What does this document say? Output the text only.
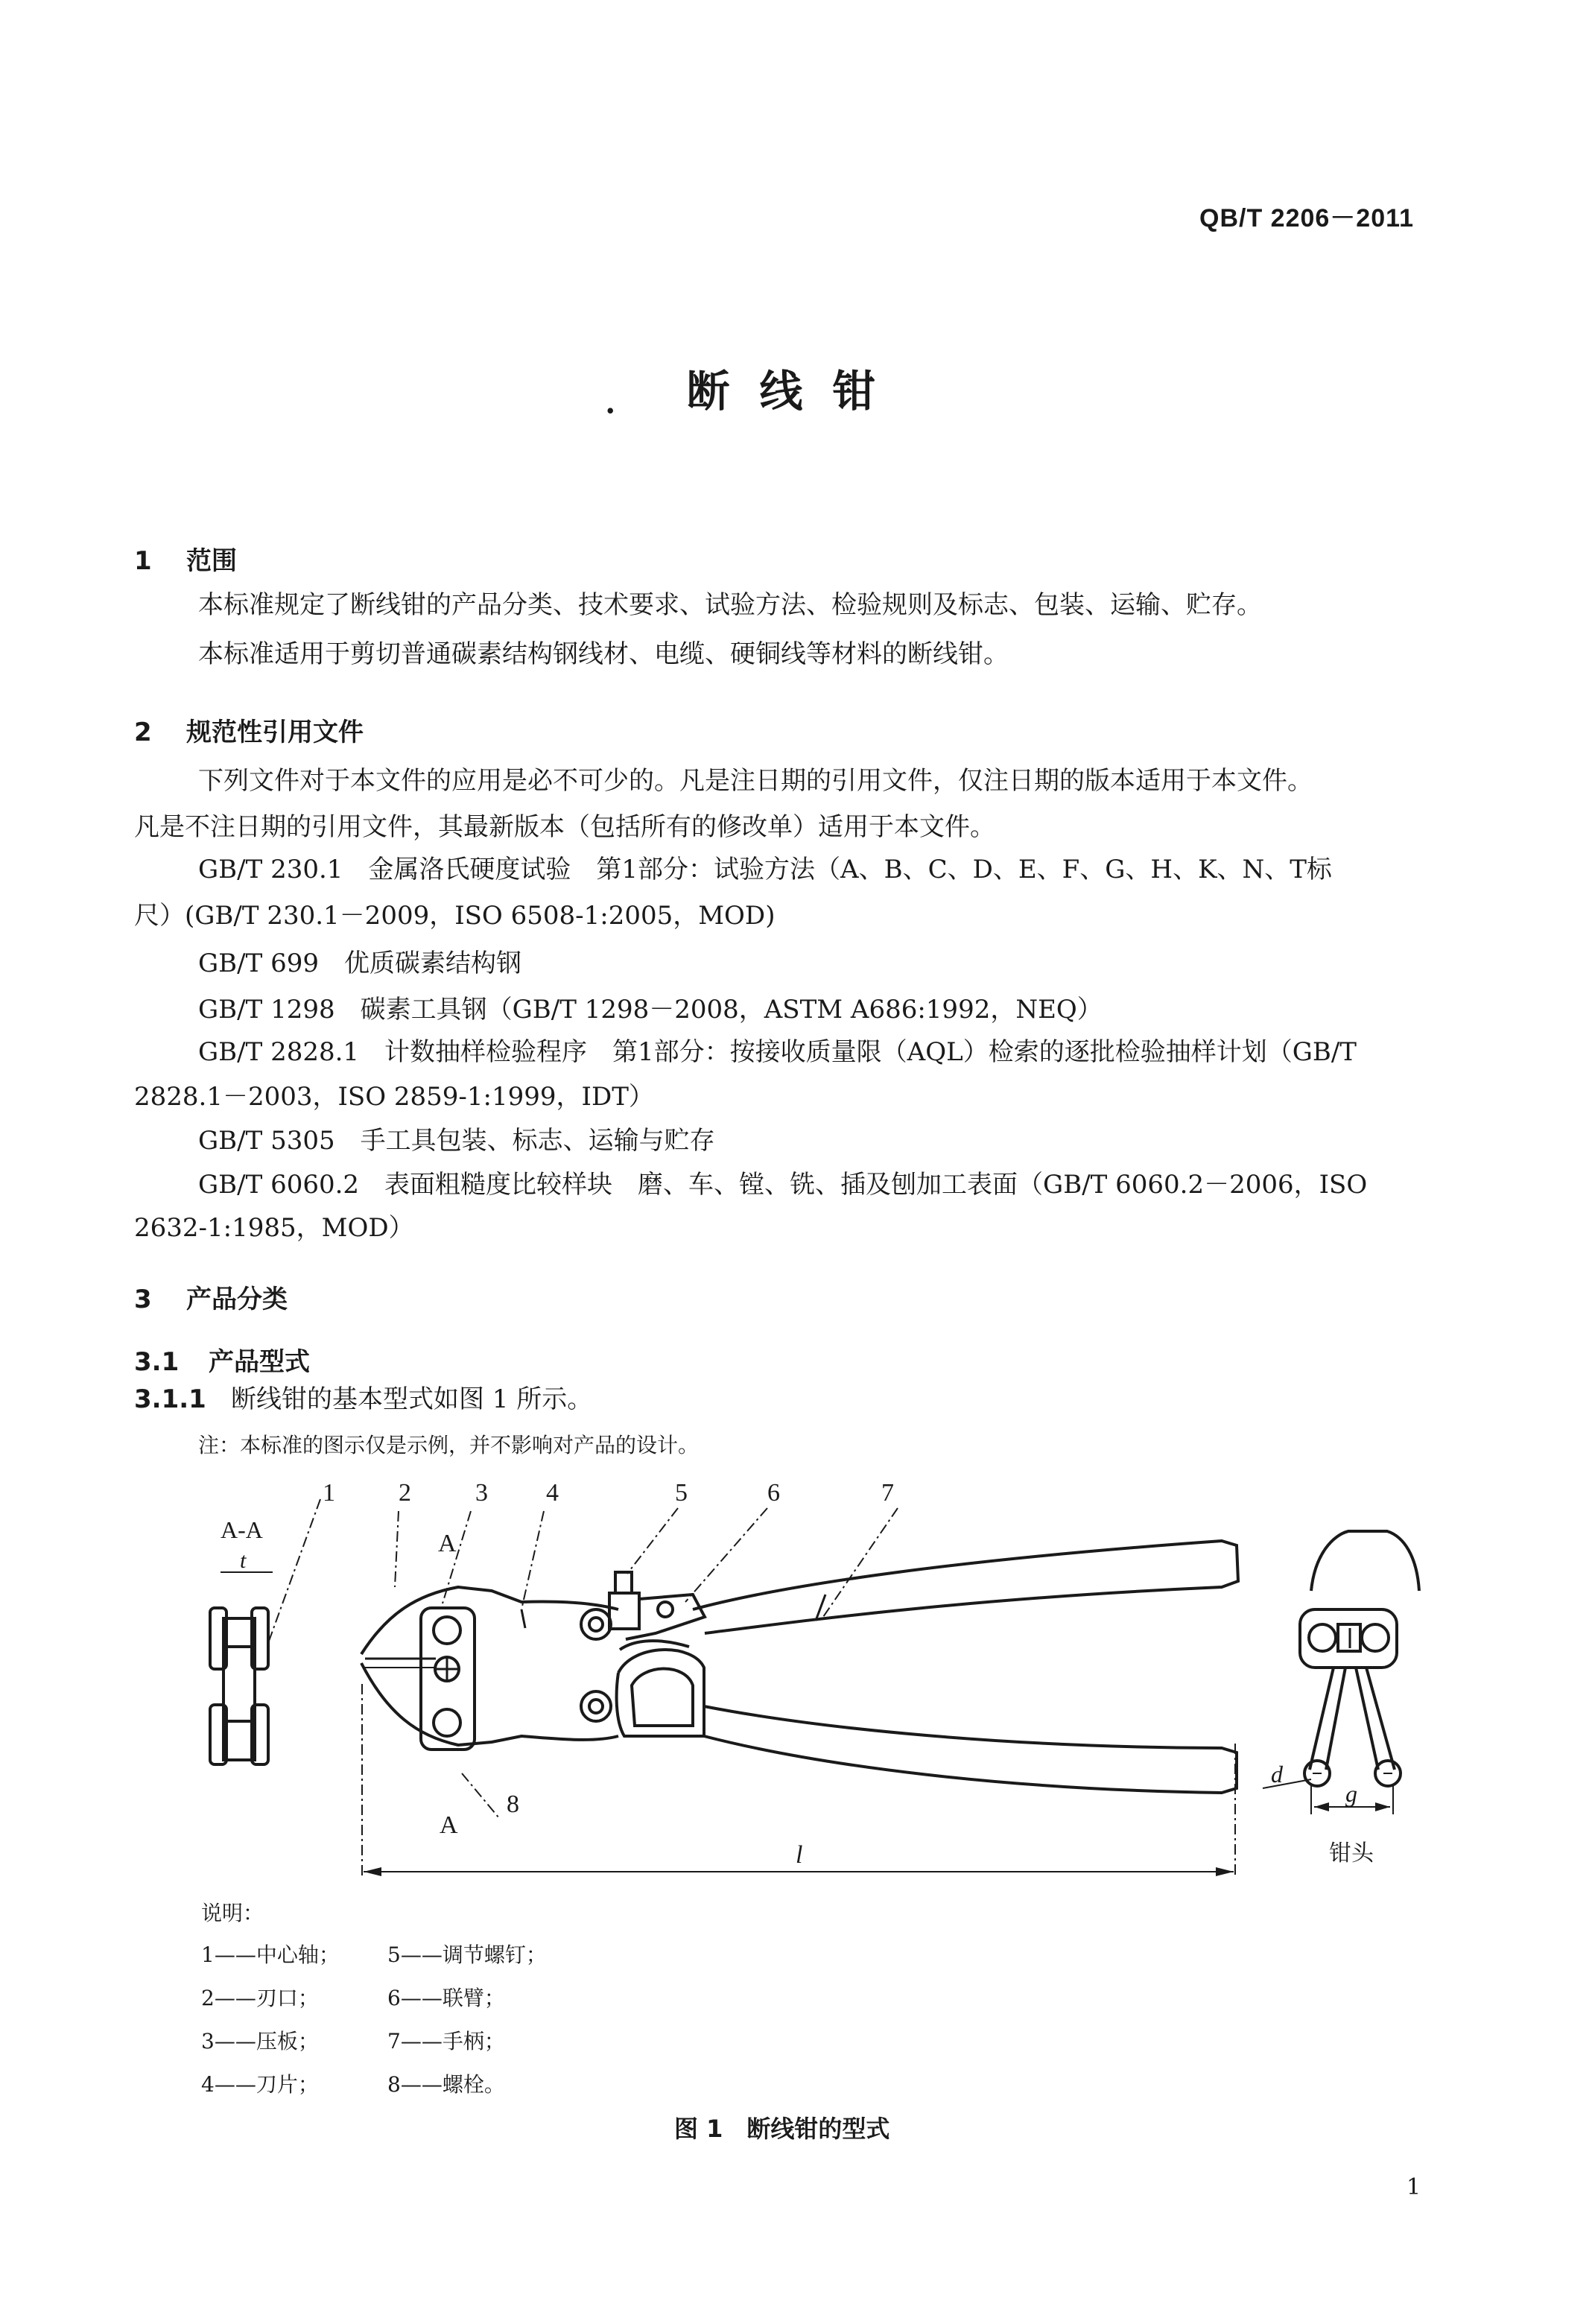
QB/T 2206－2011
.	断线钳
1 范围
本标准规定了断线钳的产品分类、技术要求、试验方法、检验规则及标志、包装、运输、贮存。
本标准适用于剪切普通碳素结构钢线材、电缆、硬铜线等材料的断线钳。
2 规范性引用文件
下列文件对于本文件的应用是必不可少的。凡是注日期的引用文件，仅注日期的版本适用于本文件。
凡是不注日期的引用文件，其最新版本（包括所有的修改单）适用于本文件。
GB/T 230.1　金属洛氏硬度试验　第1部分：试验方法（A、B、C、D、E、F、G、H、K、N、T标
尺）(GB/T 230.1－2009，ISO 6508-1:2005，MOD)
GB/T 699　优质碳素结构钢
GB/T 1298　碳素工具钢（GB/T 1298－2008，ASTM A686:1992，NEQ）
GB/T 2828.1　计数抽样检验程序　第1部分：按接收质量限（AQL）检索的逐批检验抽样计划（GB/T
2828.1－2003，ISO 2859-1:1999，IDT）
GB/T 5305　手工具包装、标志、运输与贮存
GB/T 6060.2　表面粗糙度比较样块　磨、车、镗、铣、插及刨加工表面（GB/T 6060.2－2006，ISO
2632-1:1985，MOD）
3 产品分类
3.1 产品型式
3.1.1 断线钳的基本型式如图 1 所示。
注：本标准的图示仅是示例，并不影响对产品的设计。
A-A
t
1	2	3 4	5	6	7
8
A
A
l
g
d
钳头
说明：
1——中心轴； 5——调节螺钉；
2——刃口；	6——联臂；
3——压板；	7——手柄；
4——刀片；	8——螺栓。
图 1　断线钳的型式
1
